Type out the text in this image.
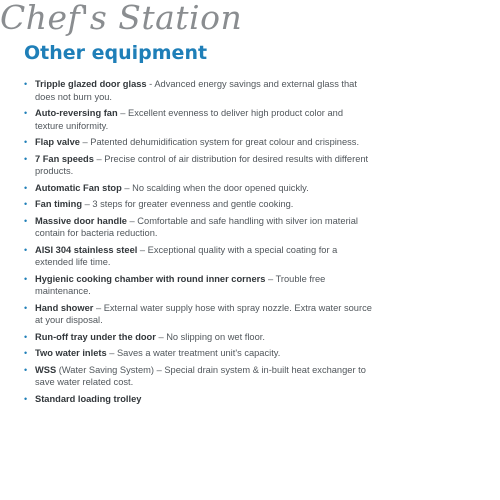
Chef's Station
Other equipment
• Tripple glazed door glass - Advanced energy savings and external glass that does not burn you.
• Auto-reversing fan – Excellent evenness to deliver high product color and texture uniformity.
• Flap valve – Patented dehumidification system for great colour and crispiness.
• 7 Fan speeds – Precise control of air distribution for desired results with different products.
• Automatic Fan stop – No scalding when the door opened quickly.
• Fan timing – 3 steps for greater evenness and gentle cooking.
• Massive door handle – Comfortable and safe handling with silver ion material contain for bacteria reduction.
• AISI 304 stainless steel – Exceptional quality with a special coating for a extended life time.
• Hygienic cooking chamber with round inner corners – Trouble free maintenance.
• Hand shower – External water supply hose with spray nozzle. Extra water source at your disposal.
• Run-off tray under the door – No slipping on wet floor.
• Two water inlets – Saves a water treatment unit's capacity.
• WSS (Water Saving System) – Special drain system & in-built heat exchanger to save water related cost.
• Standard loading trolley
